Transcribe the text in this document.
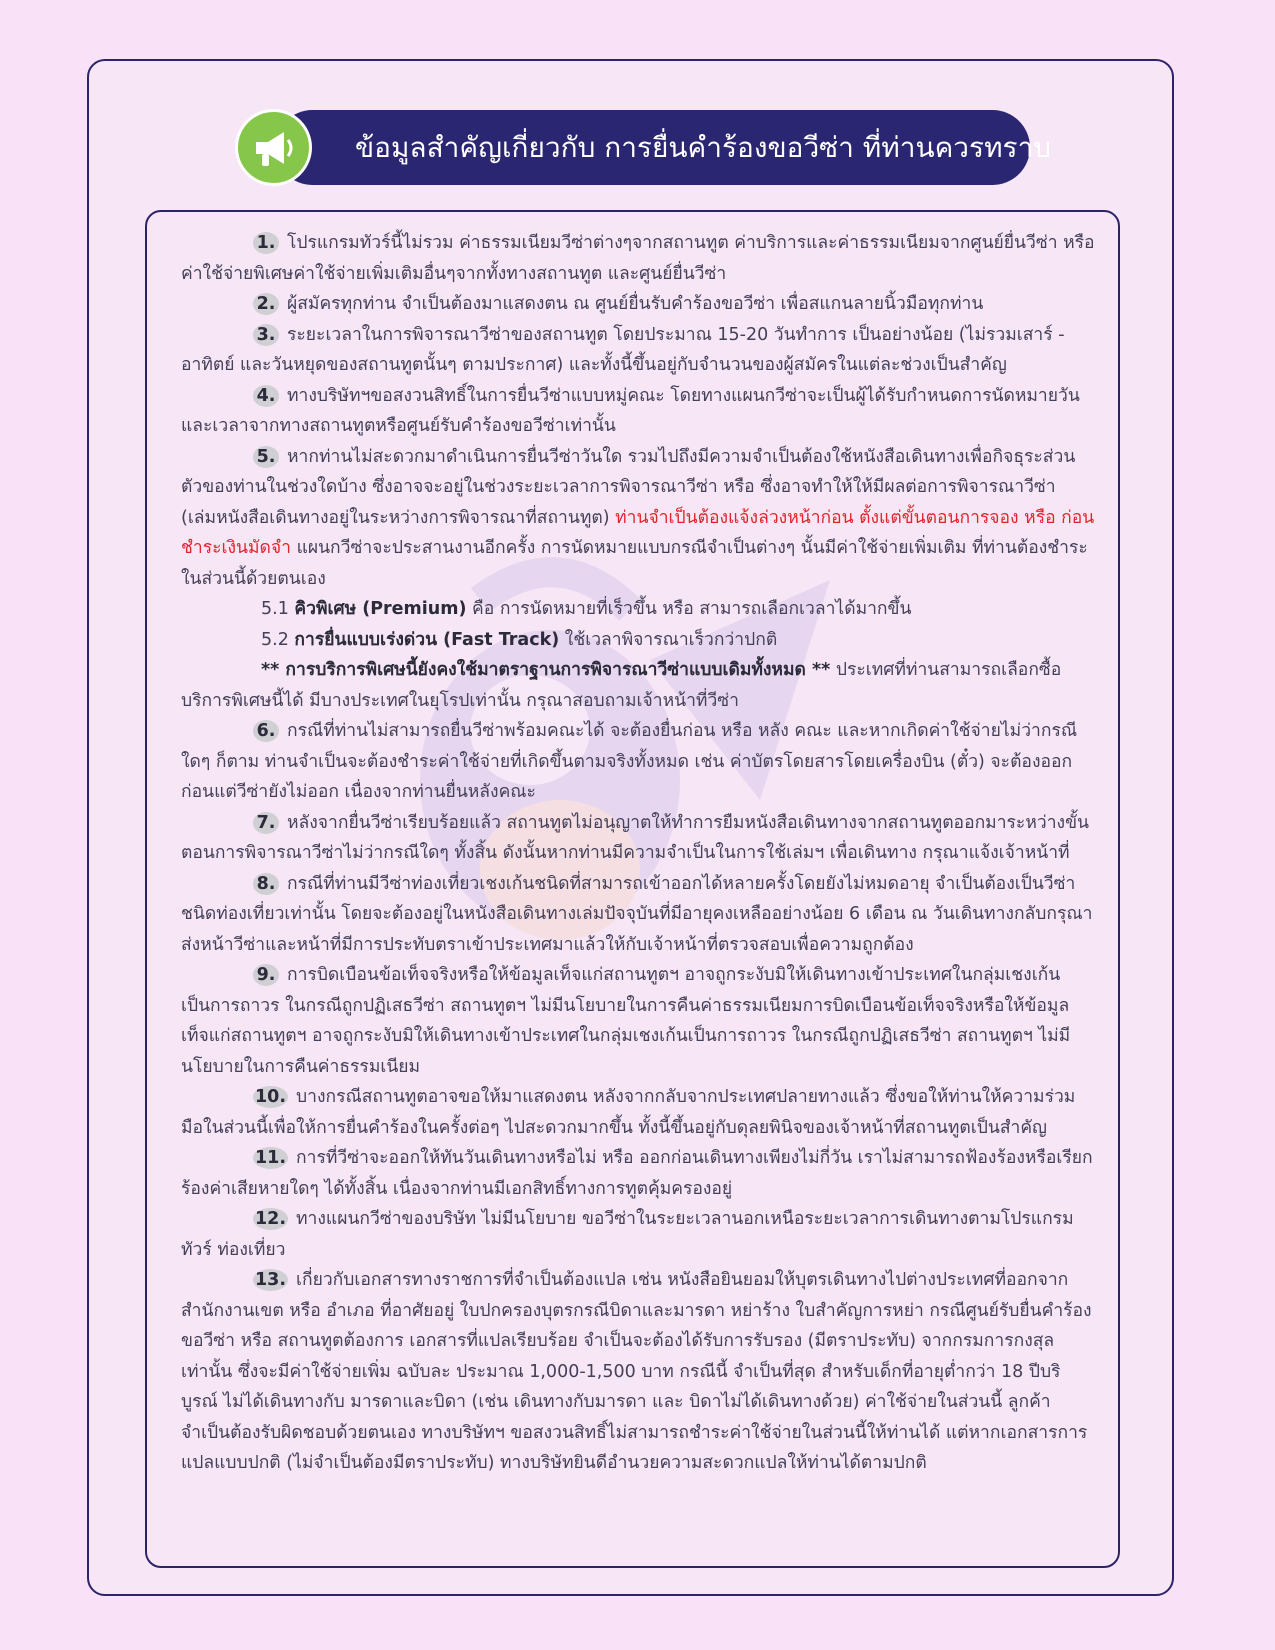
ข้อมูลสำคัญเกี่ยวกับ การยื่นคำร้องขอวีซ่า ที่ท่านควรทราบ

1. โปรแกรมทัวร์นี้ไม่รวม ค่าธรรมเนียมวีซ่าต่างๆจากสถานทูต ค่าบริการและค่าธรรมเนียมจากศูนย์ยื่นวีซ่า หรือค่าใช้จ่ายพิเศษค่าใช้จ่ายเพิ่มเติมอื่นๆจากทั้งทางสถานทูต และศูนย์ยื่นวีซ่า

2. ผู้สมัครทุกท่าน จำเป็นต้องมาแสดงตน ณ ศูนย์ยื่นรับคำร้องขอวีซ่า เพื่อสแกนลายนิ้วมือทุกท่าน

3. ระยะเวลาในการพิจารณาวีซ่าของสถานทูต โดยประมาณ 15-20 วันทำการ เป็นอย่างน้อย (ไม่รวมเสาร์ - อาทิตย์ และวันหยุดของสถานทูตนั้นๆ ตามประกาศ) และทั้งนี้ขึ้นอยู่กับจำนวนของผู้สมัครในแต่ละช่วงเป็นสำคัญ

4. ทางบริษัทฯขอสงวนสิทธิ์ในการยื่นวีซ่าแบบหมู่คณะ โดยทางแผนกวีซ่าจะเป็นผู้ได้รับกำหนดการนัดหมายวัน และเวลาจากทางสถานทูตหรือศูนย์รับคำร้องขอวีซ่าเท่านั้น

5. หากท่านไม่สะดวกมาดำเนินการยื่นวีซ่าวันใด รวมไปถึงมีความจำเป็นต้องใช้หนังสือเดินทางเพื่อกิจธุระส่วนตัวของท่านในช่วงใดบ้าง ซึ่งอาจจะอยู่ในช่วงระยะเวลาการพิจารณาวีซ่า หรือ ซึ่งอาจทำให้ให้มีผลต่อการพิจารณาวีซ่า (เล่มหนังสือเดินทางอยู่ในระหว่างการพิจารณาที่สถานทูต) ท่านจำเป็นต้องแจ้งล่วงหน้าก่อน ตั้งแต่ขั้นตอนการจอง หรือ ก่อนชำระเงินมัดจำ แผนกวีซ่าจะประสานงานอีกครั้ง การนัดหมายแบบกรณีจำเป็นต่างๆ นั้นมีค่าใช้จ่ายเพิ่มเติม ที่ท่านต้องชำระในส่วนนี้ด้วยตนเอง

5.1 คิวพิเศษ (Premium) คือ การนัดหมายที่เร็วขึ้น หรือ สามารถเลือกเวลาได้มากขึ้น

5.2 การยื่นแบบเร่งด่วน (Fast Track) ใช้เวลาพิจารณาเร็วกว่าปกติ

** การบริการพิเศษนี้ยังคงใช้มาตราฐานการพิจารณาวีซ่าแบบเดิมทั้งหมด ** ประเทศที่ท่านสามารถเลือกซื้อบริการพิเศษนี้ได้ มีบางประเทศในยุโรปเท่านั้น กรุณาสอบถามเจ้าหน้าที่วีซ่า

6. กรณีที่ท่านไม่สามารถยื่นวีซ่าพร้อมคณะได้ จะต้องยื่นก่อน หรือ หลัง คณะ และหากเกิดค่าใช้จ่ายไม่ว่ากรณีใดๆ ก็ตาม ท่านจำเป็นจะต้องชำระค่าใช้จ่ายที่เกิดขึ้นตามจริงทั้งหมด เช่น ค่าบัตรโดยสารโดยเครื่องบิน (ตั๋ว) จะต้องออกก่อนแต่วีซ่ายังไม่ออก เนื่องจากท่านยื่นหลังคณะ

7. หลังจากยื่นวีซ่าเรียบร้อยแล้ว สถานทูตไม่อนุญาตให้ทำการยืมหนังสือเดินทางจากสถานทูตออกมาระหว่างขั้นตอนการพิจารณาวีซ่าไม่ว่ากรณีใดๆ ทั้งสิ้น ดังนั้นหากท่านมีความจำเป็นในการใช้เล่มฯ เพื่อเดินทาง กรุณาแจ้งเจ้าหน้าที่

8. กรณีที่ท่านมีวีซ่าท่องเที่ยวเชงเก้นชนิดที่สามารถเข้าออกได้หลายครั้งโดยยังไม่หมดอายุ จำเป็นต้องเป็นวีซ่าชนิดท่องเที่ยวเท่านั้น โดยจะต้องอยู่ในหนังสือเดินทางเล่มปัจจุบันที่มีอายุคงเหลืออย่างน้อย 6 เดือน ณ วันเดินทางกลับกรุณาส่งหน้าวีซ่าและหน้าที่มีการประทับตราเข้าประเทศมาแล้วให้กับเจ้าหน้าที่ตรวจสอบเพื่อความถูกต้อง

9. การบิดเบือนข้อเท็จจริงหรือให้ข้อมูลเท็จแก่สถานทูตฯ อาจถูกระงับมิให้เดินทางเข้าประเทศในกลุ่มเชงเก้นเป็นการถาวร ในกรณีถูกปฏิเสธวีซ่า สถานทูตฯ ไม่มีนโยบายในการคืนค่าธรรมเนียมการบิดเบือนข้อเท็จจริงหรือให้ข้อมูลเท็จแก่สถานทูตฯ อาจถูกระงับมิให้เดินทางเข้าประเทศในกลุ่มเชงเก้นเป็นการถาวร ในกรณีถูกปฏิเสธวีซ่า สถานทูตฯ ไม่มีนโยบายในการคืนค่าธรรมเนียม

10. บางกรณีสถานทูตอาจขอให้มาแสดงตน หลังจากกลับจากประเทศปลายทางแล้ว ซึ่งขอให้ท่านให้ความร่วมมือในส่วนนี้เพื่อให้การยื่นคำร้องในครั้งต่อๆ ไปสะดวกมากขึ้น ทั้งนี้ขึ้นอยู่กับดุลยพินิจของเจ้าหน้าที่สถานทูตเป็นสำคัญ

11. การที่วีซ่าจะออกให้ทันวันเดินทางหรือไม่ หรือ ออกก่อนเดินทางเพียงไม่กี่วัน เราไม่สามารถฟ้องร้องหรือเรียกร้องค่าเสียหายใดๆ ได้ทั้งสิ้น เนื่องจากท่านมีเอกสิทธิ์ทางการทูตคุ้มครองอยู่

12. ทางแผนกวีซ่าของบริษัท ไม่มีนโยบาย ขอวีซ่าในระยะเวลานอกเหนือระยะเวลาการเดินทางตามโปรแกรมทัวร์ ท่องเที่ยว

13. เกี่ยวกับเอกสารทางราชการที่จำเป็นต้องแปล เช่น หนังสือยินยอมให้บุตรเดินทางไปต่างประเทศที่ออกจากสำนักงานเขต หรือ อำเภอ ที่อาศัยอยู่ ใบปกครองบุตรกรณีบิดาและมารดา หย่าร้าง ใบสำคัญการหย่า กรณีศูนย์รับยื่นคำร้องขอวีซ่า หรือ สถานทูตต้องการ เอกสารที่แปลเรียบร้อย จำเป็นจะต้องได้รับการรับรอง (มีตราประทับ) จากกรมการกงสุลเท่านั้น ซึ่งจะมีค่าใช้จ่ายเพิ่ม ฉบับละ ประมาณ 1,000-1,500 บาท กรณีนี้ จำเป็นที่สุด สำหรับเด็กที่อายุต่ำกว่า 18 ปีบริบูรณ์ ไม่ได้เดินทางกับ มารดาและบิดา (เช่น เดินทางกับมารดา และ บิดาไม่ได้เดินทางด้วย) ค่าใช้จ่ายในส่วนนี้ ลูกค้าจำเป็นต้องรับผิดชอบด้วยตนเอง ทางบริษัทฯ ขอสงวนสิทธิ์ไม่สามารถชำระค่าใช้จ่ายในส่วนนี้ให้ท่านได้ แต่หากเอกสารการแปลแบบปกติ (ไม่จำเป็นต้องมีตราประทับ) ทางบริษัทยินดีอำนวยความสะดวกแปลให้ท่านได้ตามปกติ
